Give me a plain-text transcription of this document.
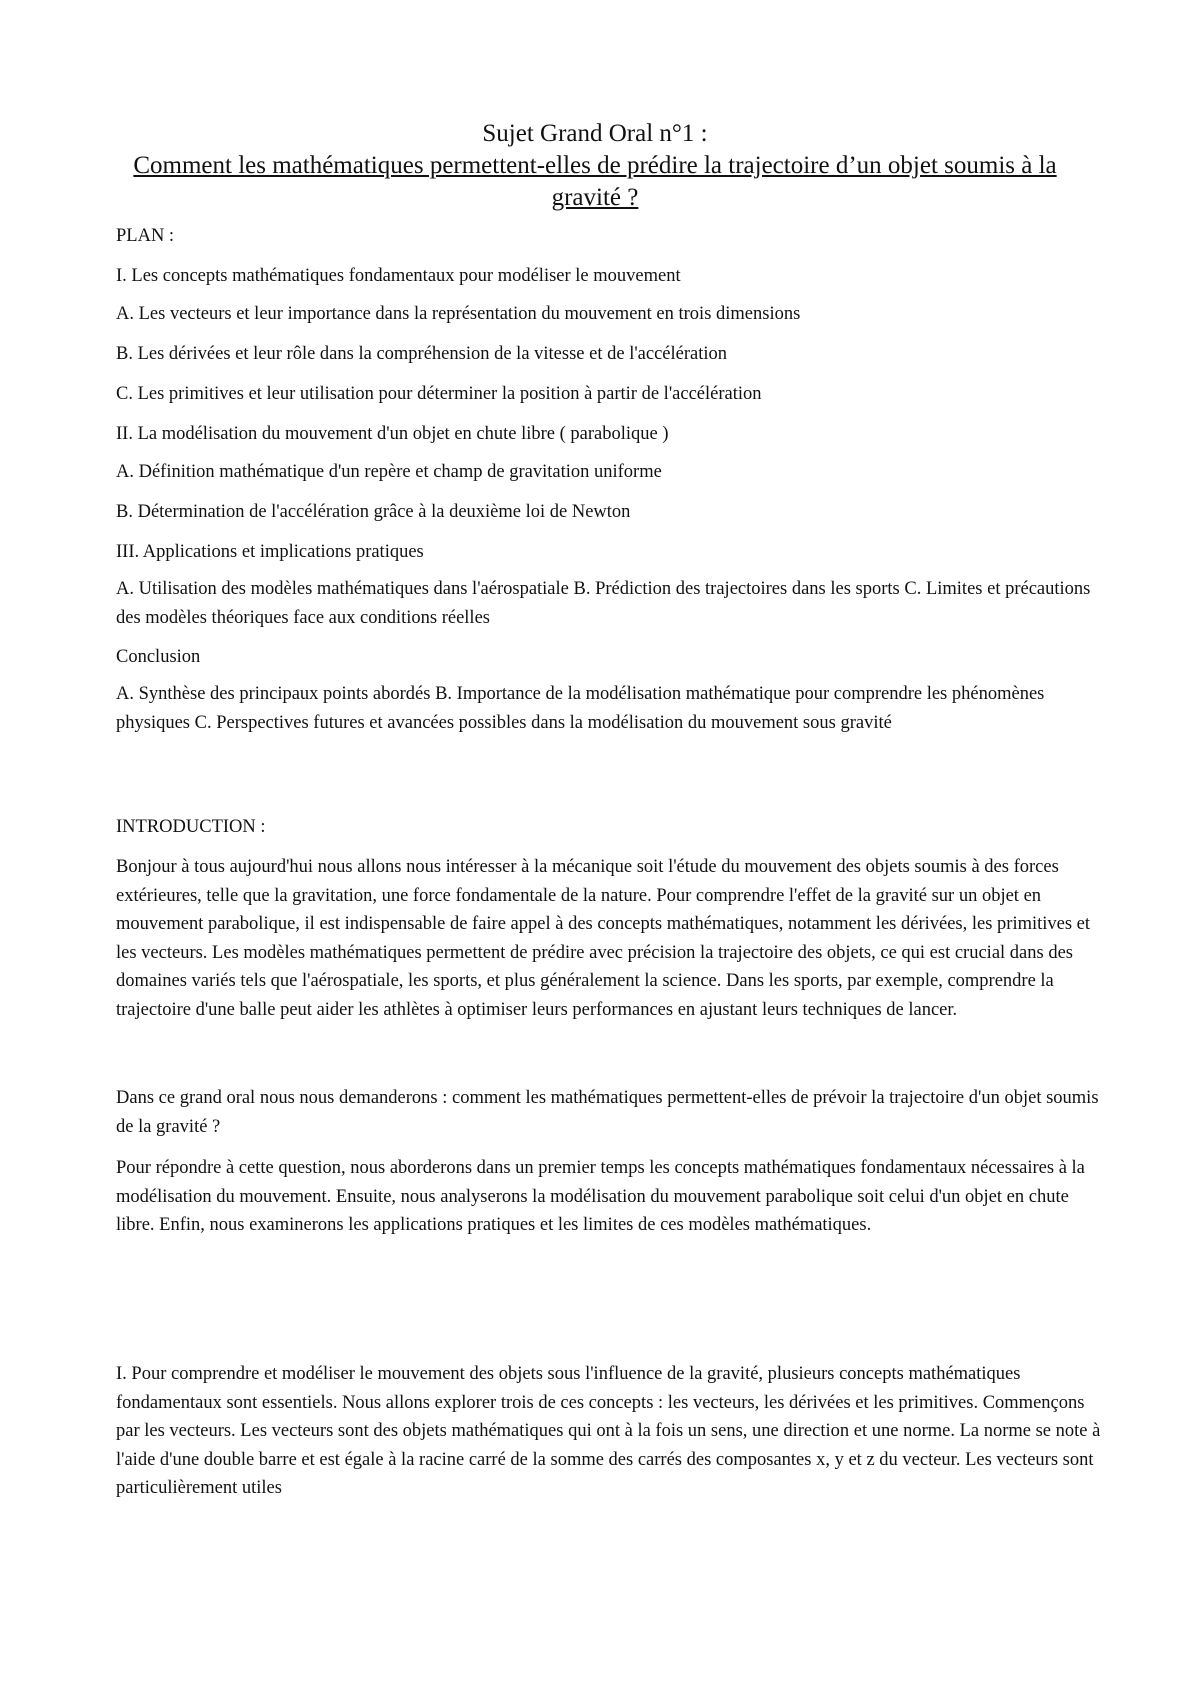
Sujet Grand Oral n°1 :

Comment les mathématiques permettent-elles de prédire la trajectoire d’un objet soumis à la gravité ?

PLAN :

I. Les concepts mathématiques fondamentaux pour modéliser le mouvement

A. Les vecteurs et leur importance dans la représentation du mouvement en trois dimensions

B. Les dérivées et leur rôle dans la compréhension de la vitesse et de l'accélération

C. Les primitives et leur utilisation pour déterminer la position à partir de l'accélération

II. La modélisation du mouvement d'un objet en chute libre ( parabolique )

A. Définition mathématique d'un repère et champ de gravitation uniforme

B. Détermination de l'accélération grâce à la deuxième loi de Newton

III. Applications et implications pratiques

A. Utilisation des modèles mathématiques dans l'aérospatiale B. Prédiction des trajectoires dans les sports C. Limites et précautions des modèles théoriques face aux conditions réelles

Conclusion

A. Synthèse des principaux points abordés B. Importance de la modélisation mathématique pour comprendre les phénomènes physiques C. Perspectives futures et avancées possibles dans la modélisation du mouvement sous gravité

INTRODUCTION :

Bonjour à tous aujourd'hui nous allons nous intéresser à la mécanique soit l'étude du mouvement des objets soumis à des forces extérieures, telle que la gravitation, une force fondamentale de la nature. Pour comprendre l'effet de la gravité sur un objet en mouvement parabolique, il est indispensable de faire appel à des concepts mathématiques, notamment les dérivées, les primitives et les vecteurs. Les modèles mathématiques permettent de prédire avec précision la trajectoire des objets, ce qui est crucial dans des domaines variés tels que l'aérospatiale, les sports, et plus généralement la science. Dans les sports, par exemple, comprendre la trajectoire d'une balle peut aider les athlètes à optimiser leurs performances en ajustant leurs techniques de lancer.

Dans ce grand oral nous nous demanderons : comment les mathématiques permettent-elles de prévoir la trajectoire d'un objet soumis de la gravité ?

Pour répondre à cette question, nous aborderons dans un premier temps les concepts mathématiques fondamentaux nécessaires à la modélisation du mouvement. Ensuite, nous analyserons la modélisation du mouvement parabolique soit celui d'un objet en chute libre. Enfin, nous examinerons les applications pratiques et les limites de ces modèles mathématiques.

I. Pour comprendre et modéliser le mouvement des objets sous l'influence de la gravité, plusieurs concepts mathématiques fondamentaux sont essentiels. Nous allons explorer trois de ces concepts : les vecteurs, les dérivées et les primitives. Commençons par les vecteurs. Les vecteurs sont des objets mathématiques qui ont à la fois un sens, une direction et une norme. La norme se note à l'aide d'une double barre et est égale à la racine carré de la somme des carrés des composantes x, y et z du vecteur. Les vecteurs sont particulièrement utiles
